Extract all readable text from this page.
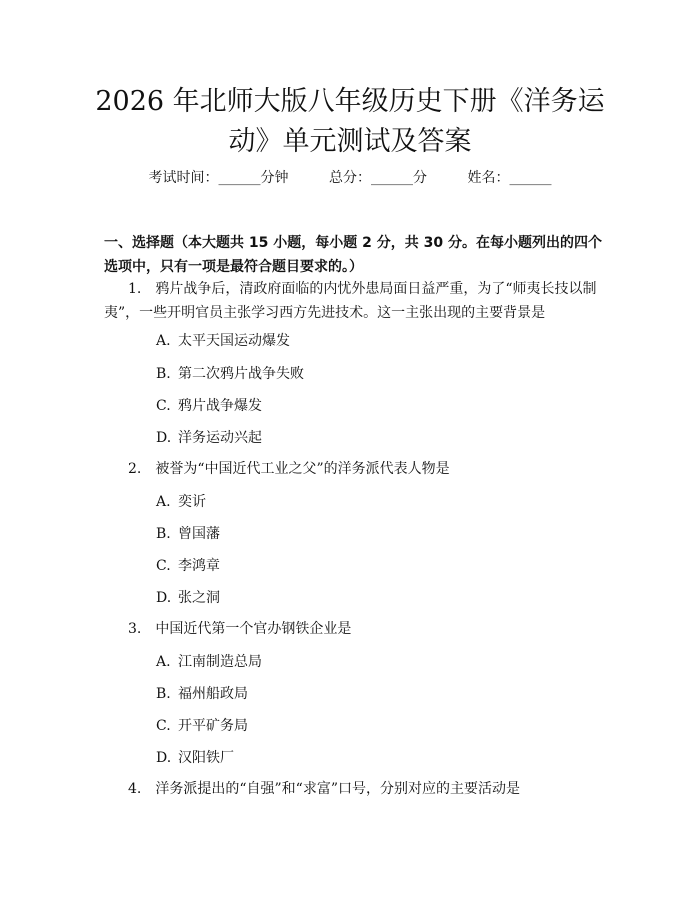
2026 年北师大版八年级历史下册《洋务运
动》单元测试及答案
考试时间：______分钟	总分：______分	姓名：______
一、选择题（本大题共 15 小题，每小题 2 分，共 30 分。在每小题列出的四个选项中，只有一项是最符合题目要求的。）
1.　鸦片战争后，清政府面临的内忧外患局面日益严重，为了“师夷长技以制夷”，一些开明官员主张学习西方先进技术。这一主张出现的主要背景是
A. 太平天国运动爆发
B. 第二次鸦片战争失败
C. 鸦片战争爆发
D. 洋务运动兴起
2.　被誉为“中国近代工业之父”的洋务派代表人物是
A. 奕䜣
B. 曾国藩
C. 李鸿章
D. 张之洞
3.　中国近代第一个官办钢铁企业是
A. 江南制造总局
B. 福州船政局
C. 开平矿务局
D. 汉阳铁厂
4.　洋务派提出的“自强”和“求富”口号，分别对应的主要活动是
